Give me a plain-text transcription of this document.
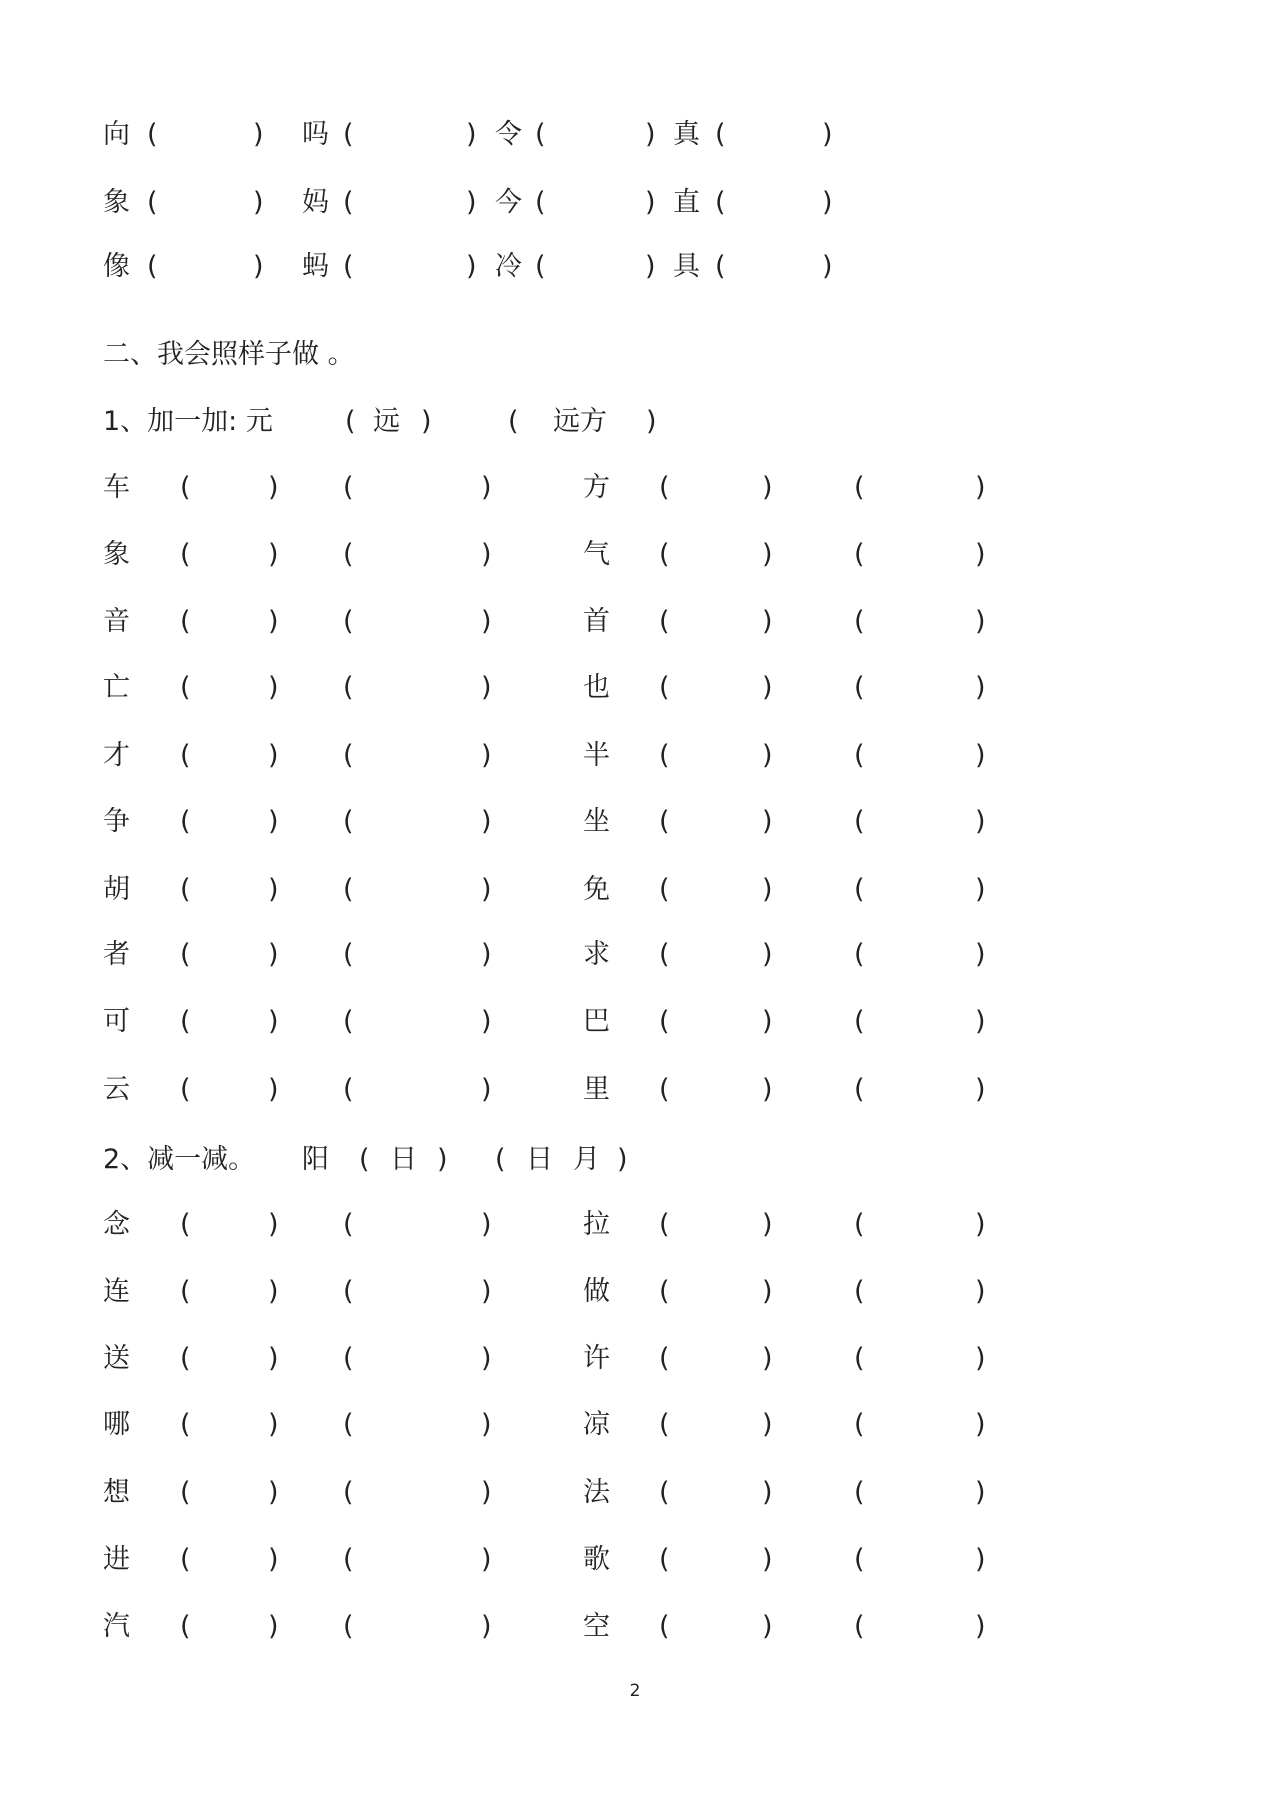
向 (	) 吗 (	) 令 (	) 真 (	)
象 (	) 妈 (	) 今 (	) 直 (	)
像 (	) 蚂 (	) 冷 (	) 具 (	)
二、我会照样子做 。
1、加一加: 元	( 远 )	( 远方 )
车 (	) (	)	方 (	)	(	)
象 (	) (	)	气 (	)	(	)
音 (	) (	)	首 (	)	(	)
亡 (	) (	)	也 (	)	(	)
才 (	) (	)	半 (	)	(	)
争 (	) (	)	坐 (	)	(	)
胡 (	) (	)	免 (	)	(	)
者 (	) (	)	求 (	)	(	)
可 (	) (	)	巴 (	)	(	)
云 (	) (	)	里 (	)	(	)
2、减一减。 阳 ( 日 ) ( 日 月 )
念 (	) (	)	拉 (	)	(	)
连 (	) (	)	做 (	)	(	)
送 (	) (	)	许 (	)	(	)
哪 (	) (	)	凉 (	)	(	)
想 (	) (	)	法 (	)	(	)
进 (	) (	)	歌 (	)	(	)
汽 (	) (	)	空 (	)	(	)
2
